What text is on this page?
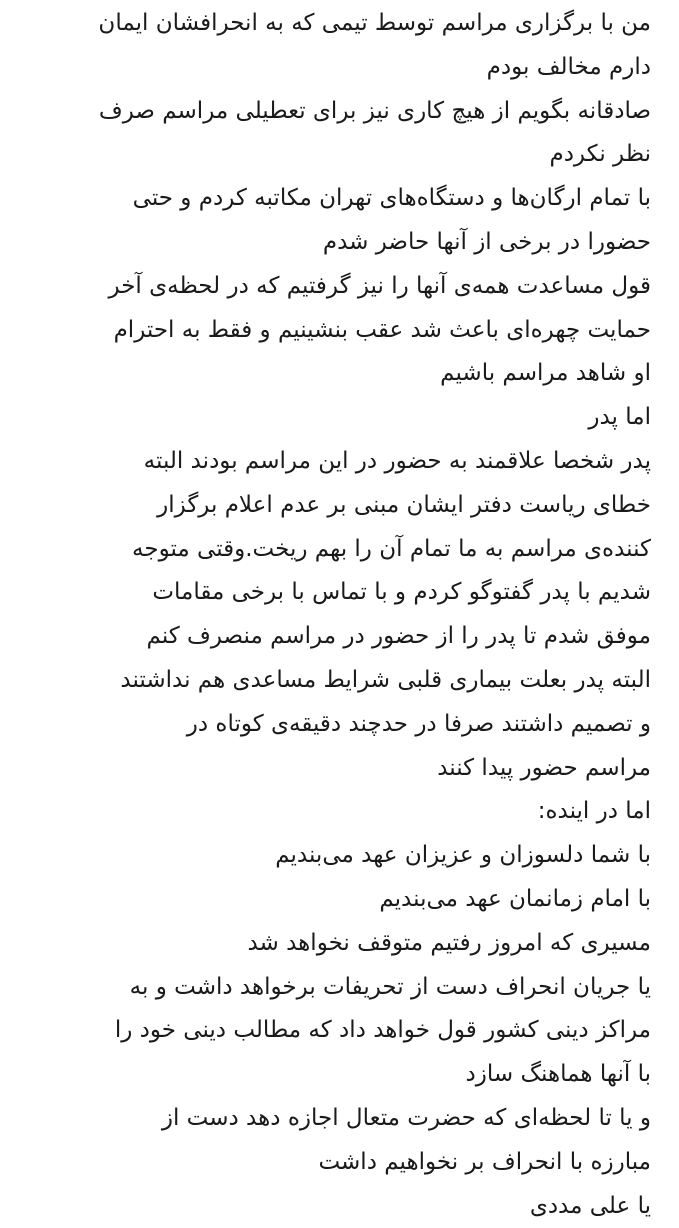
من با برگزاری مراسم توسط تیمی که به انحرافشان ایمان
دارم مخالف بودم
صادقانه بگویم از هیچ کاری نیز برای تعطیلی مراسم صرف
نظر نکردم
با تمام ارگان‌ها و دستگاه‌های تهران مکاتبه کردم و حتی
حضورا در برخی از آنها حاضر شدم
قول مساعدت همه‌ی آنها را نیز گرفتیم که در لحظه‌ی آخر
حمایت چهره‌ای باعث شد عقب بنشینیم و فقط به احترام
او شاهد مراسم باشیم
اما پدر
پدر شخصا علاقمند به حضور در این مراسم بودند البته
خطای ریاست دفتر ایشان مبنی بر عدم اعلام برگزار
کننده‌ی مراسم به ما تمام آن را بهم ریخت.وقتی متوجه
شدیم با پدر گفتوگو کردم و با تماس با برخی مقامات
موفق شدم تا پدر را از حضور در مراسم منصرف کنم
البته پدر بعلت بیماری قلبی شرایط مساعدی هم نداشتند
و تصمیم داشتند صرفا در حدچند دقیقه‌ی کوتاه در
مراسم حضور پیدا کنند
اما در اینده:
با شما دلسوزان و عزیزان عهد می‌بندیم
با امام زمانمان عهد می‌بندیم
مسیری که امروز رفتیم متوقف نخواهد شد
یا جریان انحراف دست از تحریفات برخواهد داشت و به
مراکز دینی کشور قول خواهد داد که مطالب دینی خود را
با آنها هماهنگ سازد
و یا تا لحظه‌ای که حضرت متعال اجازه دهد دست از
مبارزه با انحراف بر نخواهیم داشت
یا علی مددی
